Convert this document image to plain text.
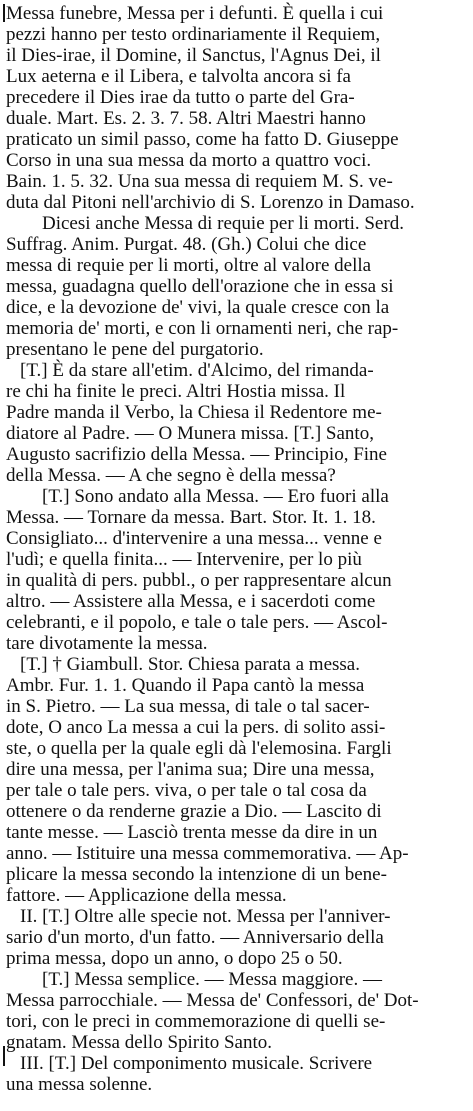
Messa funebre, Messa per i defunti. È quella i cui
pezzi hanno per testo ordinariamente il Requiem,
il Dies-irae, il Domine, il Sanctus, l'Agnus Dei, il
Lux aeterna e il Libera, e talvolta ancora si fa
precedere il Dies irae da tutto o parte del Gra-
duale. Mart. Es. 2. 3. 7. 58. Altri Maestri hanno
praticato un simil passo, come ha fatto D. Giuseppe
Corso in una sua messa da morto a quattro voci.
Bain. 1. 5. 32. Una sua messa di requiem M. S. ve-
duta dal Pitoni nell'archivio di S. Lorenzo in Damaso.
Dicesi anche Messa di requie per li morti. Serd.
Suffrag. Anim. Purgat. 48. (Gh.) Colui che dice
messa di requie per li morti, oltre al valore della
messa, guadagna quello dell'orazione che in essa si
dice, e la devozione de' vivi, la quale cresce con la
memoria de' morti, e con li ornamenti neri, che rap-
presentano le pene del purgatorio.
[T.] È da stare all'etim. d'Alcimo, del rimanda-
re chi ha finite le preci. Altri Hostia missa. Il
Padre manda il Verbo, la Chiesa il Redentore me-
diatore al Padre. — O Munera missa. [T.] Santo,
Augusto sacrifizio della Messa. — Principio, Fine
della Messa. — A che segno è della messa?
[T.] Sono andato alla Messa. — Ero fuori alla
Messa. — Tornare da messa. Bart. Stor. It. 1. 18.
Consigliato... d'intervenire a una messa... venne e
l'udì; e quella finita... — Intervenire, per lo più
in qualità di pers. pubbl., o per rappresentare alcun
altro. — Assistere alla Messa, e i sacerdoti come
celebranti, e il popolo, e tale o tale pers. — Ascol-
tare divotamente la messa.
[T.] † Giambull. Stor. Chiesa parata a messa.
Ambr. Fur. 1. 1. Quando il Papa cantò la messa
in S. Pietro. — La sua messa, di tale o tal sacer-
dote, O anco La messa a cui la pers. di solito assi-
ste, o quella per la quale egli dà l'elemosina. Fargli
dire una messa, per l'anima sua; Dire una messa,
per tale o tale pers. viva, o per tale o tal cosa da
ottenere o da renderne grazie a Dio. — Lascito di
tante messe. — Lasciò trenta messe da dire in un
anno. — Istituire una messa commemorativa. — Ap-
plicare la messa secondo la intenzione di un bene-
fattore. — Applicazione della messa.
II. [T.] Oltre alle specie not. Messa per l'anniver-
sario d'un morto, d'un fatto. — Anniversario della
prima messa, dopo un anno, o dopo 25 o 50.
[T.] Messa semplice. — Messa maggiore. —
Messa parrocchiale. — Messa de' Confessori, de' Dot-
tori, con le preci in commemorazione di quelli se-
gnatam. Messa dello Spirito Santo.
III. [T.] Del componimento musicale. Scrivere
una messa solenne.
